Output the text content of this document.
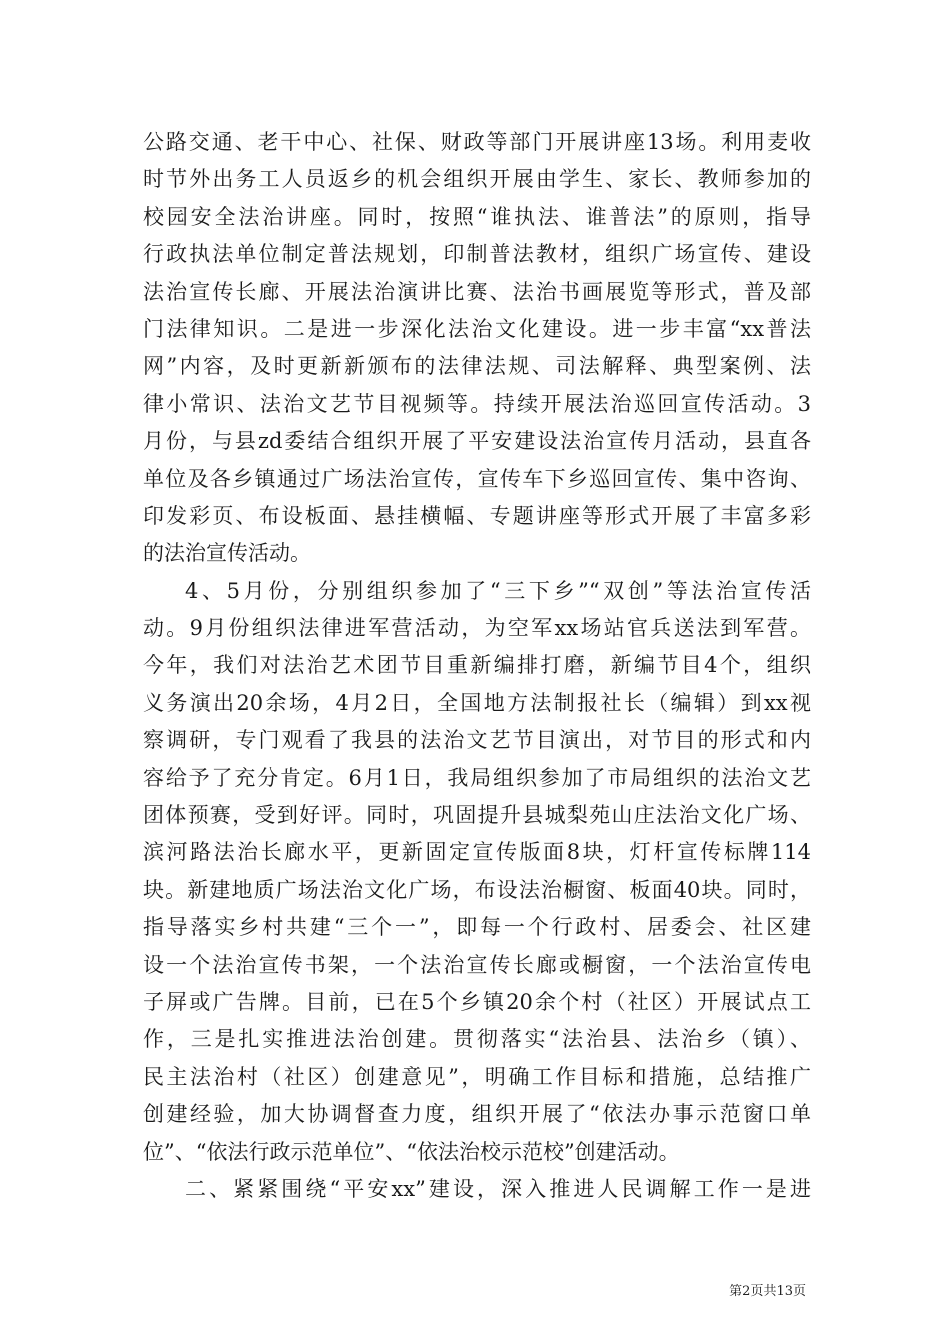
公路交通、老干中心、社保、财政等部门开展讲座13场。利用麦收
时节外出务工人员返乡的机会组织开展由学生、家长、教师参加的
校园安全法治讲座。同时，按照“谁执法、谁普法”的原则，指导
行政执法单位制定普法规划，印制普法教材，组织广场宣传、建设
法治宣传长廊、开展法治演讲比赛、法治书画展览等形式，普及部
门法律知识。二是进一步深化法治文化建设。进一步丰富“xx普法
网”内容，及时更新新颁布的法律法规、司法解释、典型案例、法
律小常识、法治文艺节目视频等。持续开展法治巡回宣传活动。3
月份，与县zd委结合组织开展了平安建设法治宣传月活动，县直各
单位及各乡镇通过广场法治宣传，宣传车下乡巡回宣传、集中咨询、
印发彩页、布设板面、悬挂横幅、专题讲座等形式开展了丰富多彩
的法治宣传活动。
4、5月份，分别组织参加了“三下乡”“双创”等法治宣传活
动。9月份组织法律进军营活动，为空军xx场站官兵送法到军营。
今年，我们对法治艺术团节目重新编排打磨，新编节目4个，组织
义务演出20余场，4月2日，全国地方法制报社长（编辑）到xx视
察调研，专门观看了我县的法治文艺节目演出，对节目的形式和内
容给予了充分肯定。6月1日，我局组织参加了市局组织的法治文艺
团体预赛，受到好评。同时，巩固提升县城梨苑山庄法治文化广场、
滨河路法治长廊水平，更新固定宣传版面8块，灯杆宣传标牌114
块。新建地质广场法治文化广场，布设法治橱窗、板面40块。同时，
指导落实乡村共建“三个一”，即每一个行政村、居委会、社区建
设一个法治宣传书架，一个法治宣传长廊或橱窗，一个法治宣传电
子屏或广告牌。目前，已在5个乡镇20余个村（社区）开展试点工
作，三是扎实推进法治创建。贯彻落实“法治县、法治乡（镇）、
民主法治村（社区）创建意见”，明确工作目标和措施，总结推广
创建经验，加大协调督查力度，组织开展了“依法办事示范窗口单
位”、“依法行政示范单位”、“依法治校示范校”创建活动。
二、紧紧围绕“平安xx”建设，深入推进人民调解工作一是进
第2页共13页
